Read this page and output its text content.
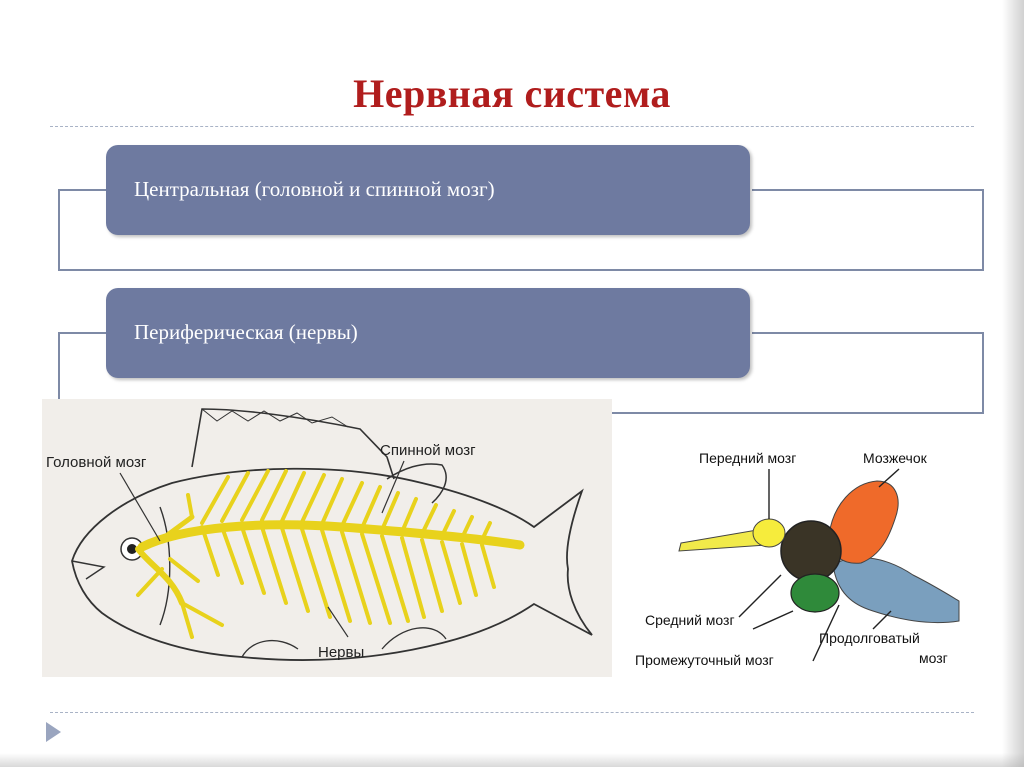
Нервная система
Центральная (головной и спинной мозг)
Периферическая (нервы)
Головной мозг
Спинной мозг
Нервы
Передний мозг	Мозжечок
Средний мозг
Продолговатый
мозг
Промежуточный мозг
